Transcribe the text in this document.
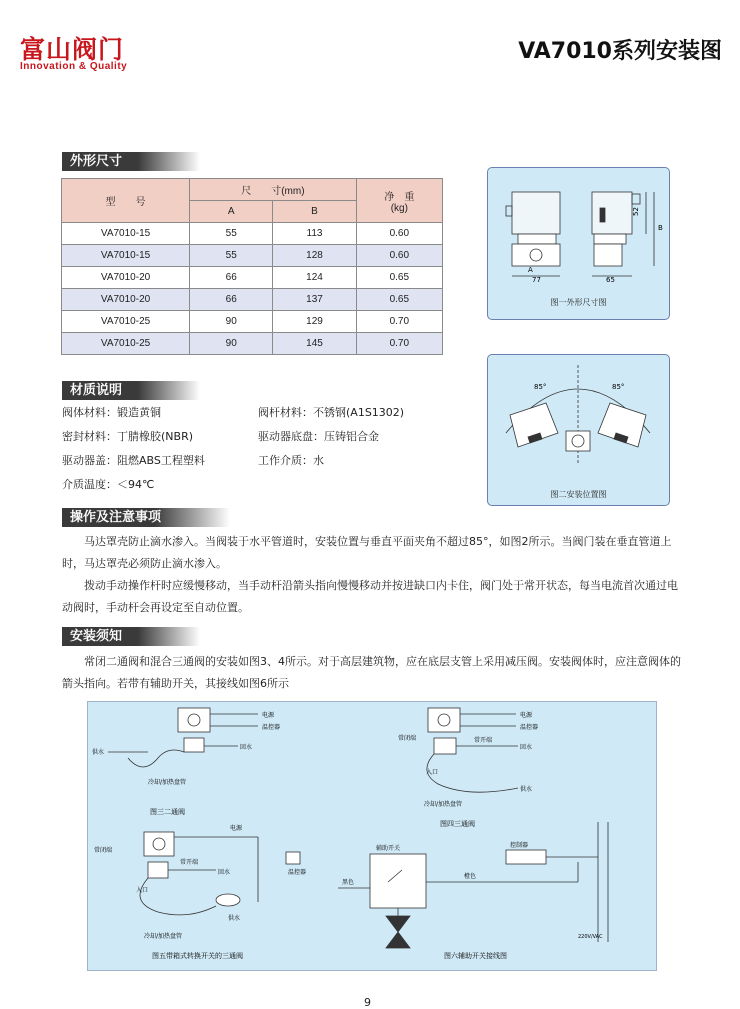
富山阀门
Innovation & Quality
VA7010系列安装图
外形尺寸
型　　号	尺　　寸(mm)		净　重
(kg)
	A	B	
VA7010-15	55	113	0.60
VA7010-15	55	128	0.60
VA7010-20	66	124	0.65
VA7010-20	66	137	0.65
VA7010-25	90	129	0.70
VA7010-25	90	145	0.70
52
B
A
77	65
图一外形尺寸图
材质说明
阀体材料：锻造黄铜
密封材料：丁腈橡胶(NBR)
驱动器盖：阻燃ABS工程塑料
介质温度：＜94℃
阀杆材料：不锈钢(A1S1302)
驱动器底盘：压铸铝合金
工作介质：水
85°	85°
图二安装位置图
操作及注意事项
马达罩壳防止滴水渗入。当阀装于水平管道时，安装位置与垂直平面夹角不超过85°，如图2所示。当阀门装在垂直管道上时，马达罩壳必须防止滴水渗入。
拨动手动操作杆时应缓慢移动，当手动杆沿箭头指向慢慢移动并按进缺口内卡住，阀门处于常开状态，每当电流首次通过电动阀时，手动杆会再设定至自动位置。
安装须知
常闭二通阀和混合三通阀的安装如图3、4所示。对于高层建筑物，应在底层支管上采用减压阀。安装阀体时，应注意阀体的箭头指向。若带有辅助开关，其接线如图6所示
电源
温控器
供水
回水
冷却/加热盘管
图三二通阀
电源
温控器
常闭端	常开端
入口
回水
供水
冷却/加热盘管
图四三通阀
电源
常闭端
常开端
入口
回水
供水
温控器
冷却/加热盘管
图五带箱式转换开关的三通阀
辅助开关	控制器
黑色
橙色
220V/VAC
图六辅助开关接线图
9
